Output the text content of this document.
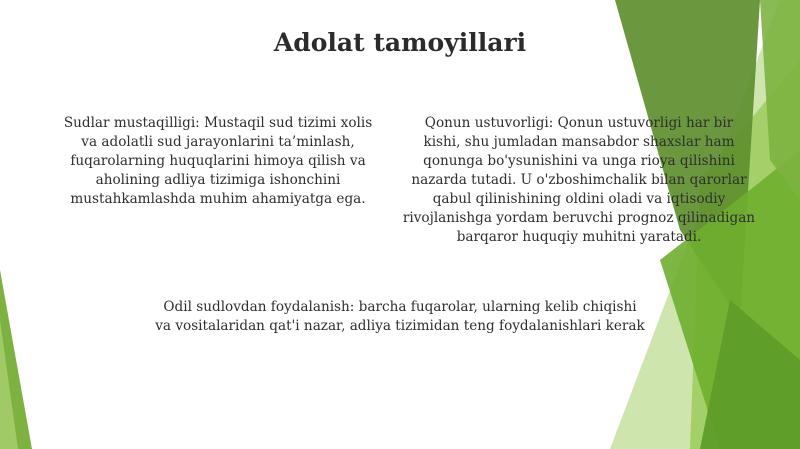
Adolat tamoyillari
Sudlar mustaqilligi: Mustaqil sud tizimi xolis
va adolatli sud jarayonlarini ta’minlash,
fuqarolarning huquqlarini himoya qilish va
aholining adliya tizimiga ishonchini
mustahkamlashda muhim ahamiyatga ega.
Qonun ustuvorligi: Qonun ustuvorligi har bir
kishi, shu jumladan mansabdor shaxslar ham
qonunga bo'ysunishini va unga rioya qilishini
nazarda tutadi. U o'zboshimchalik bilan qarorlar
qabul qilinishining oldini oladi va iqtisodiy
rivojlanishga yordam beruvchi prognoz qilinadigan
barqaror huquqiy muhitni yaratadi.
Odil sudlovdan foydalanish: barcha fuqarolar, ularning kelib chiqishi
va vositalaridan qat'i nazar, adliya tizimidan teng foydalanishlari kerak
